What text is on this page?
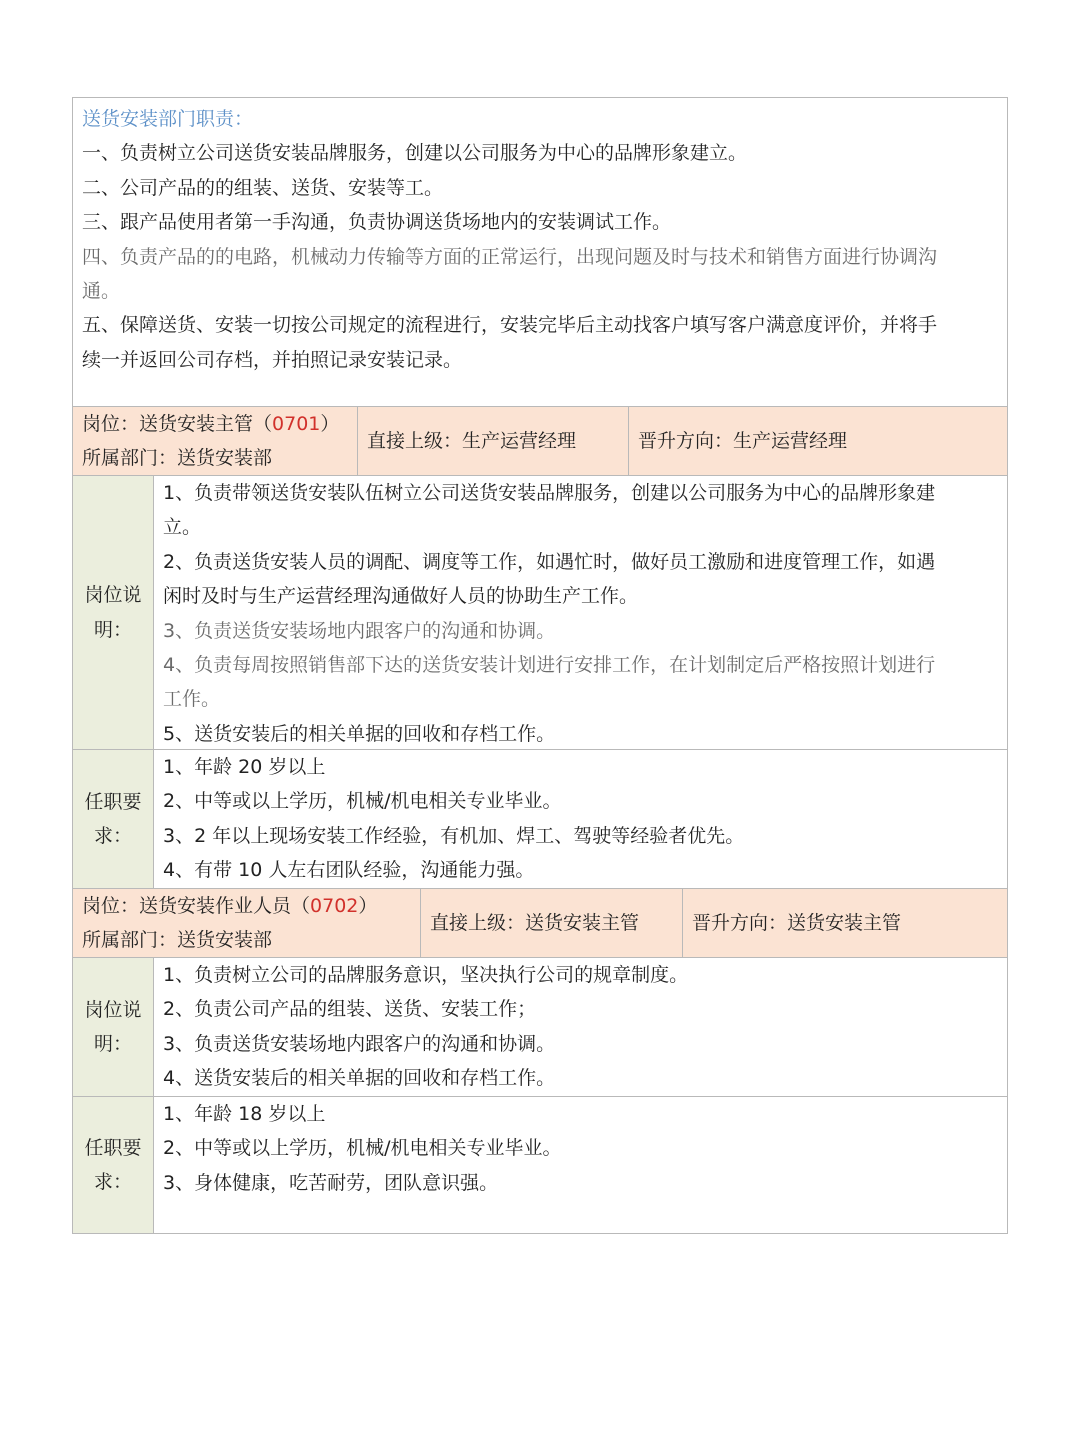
送货安装部门职责：
一、负责树立公司送货安装品牌服务，创建以公司服务为中心的品牌形象建立。
二、公司产品的的组装、送货、安装等工。
三、跟产品使用者第一手沟通，负责协调送货场地内的安装调试工作。
四、负责产品的的电路，机械动力传输等方面的正常运行，出现问题及时与技术和销售方面进行协调沟
通。
五、保障送货、安装一切按公司规定的流程进行，安装完毕后主动找客户填写客户满意度评价，并将手
续一并返回公司存档，并拍照记录安装记录。
岗位：送货安装主管（0701）
所属部门：送货安装部
直接上级：生产运营经理	晋升方向：生产运营经理
岗位说
明：
1、负责带领送货安装队伍树立公司送货安装品牌服务，创建以公司服务为中心的品牌形象建
立。
2、负责送货安装人员的调配、调度等工作，如遇忙时，做好员工激励和进度管理工作，如遇
闲时及时与生产运营经理沟通做好人员的协助生产工作。
3、负责送货安装场地内跟客户的沟通和协调。
4、负责每周按照销售部下达的送货安装计划进行安排工作，在计划制定后严格按照计划进行
工作。
5、送货安装后的相关单据的回收和存档工作。
任职要
求：
1、年龄 20 岁以上
2、中等或以上学历，机械/机电相关专业毕业。
3、2 年以上现场安装工作经验，有机加、焊工、驾驶等经验者优先。
4、有带 10 人左右团队经验，沟通能力强。
岗位：送货安装作业人员（0702）
所属部门：送货安装部
直接上级：送货安装主管	晋升方向：送货安装主管
岗位说
明：
1、负责树立公司的品牌服务意识，坚决执行公司的规章制度。
2、负责公司产品的组装、送货、安装工作；
3、负责送货安装场地内跟客户的沟通和协调。
4、送货安装后的相关单据的回收和存档工作。
任职要
求：
1、年龄 18 岁以上
2、中等或以上学历，机械/机电相关专业毕业。
3、身体健康，吃苦耐劳，团队意识强。
